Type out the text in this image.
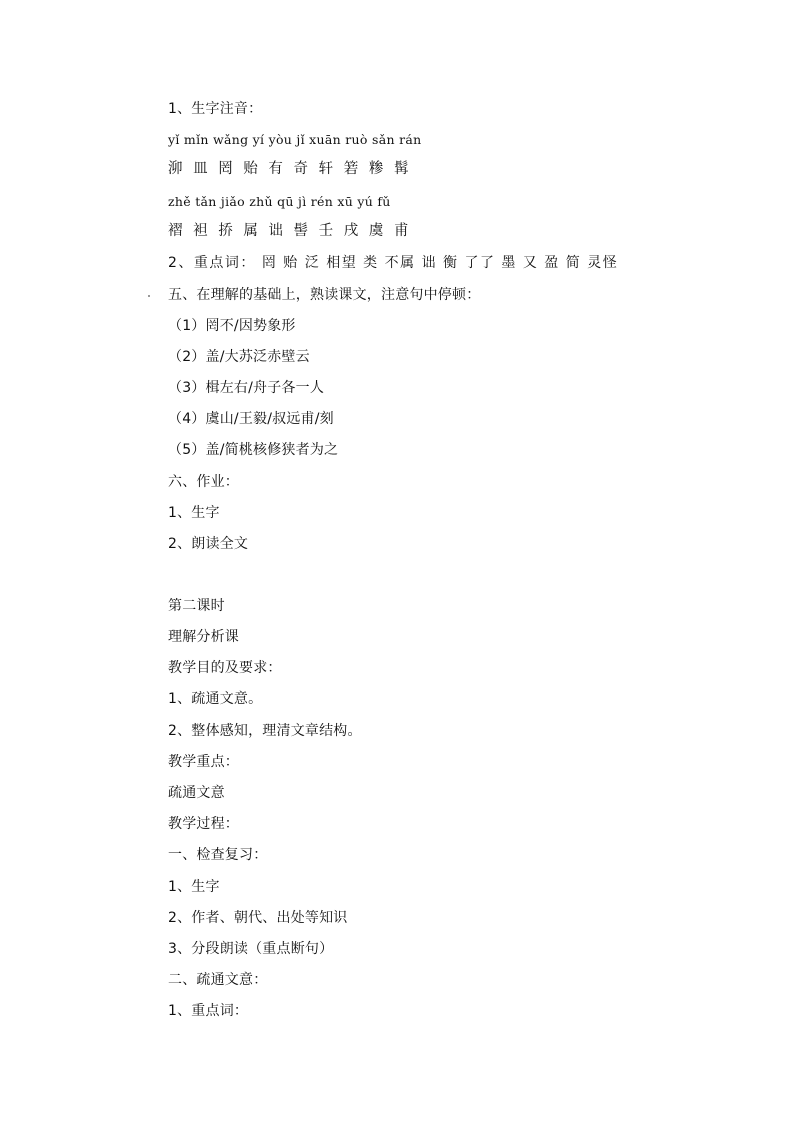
1、生字注音：
yǐ mǐn wǎng yí yòu jǐ xuān ruò sǎn rán
泖 皿 罔 贻 有 奇 轩 箬 糁 髯
zhě tǎn jiǎo zhǔ qū jì rén xū yú fǔ
褶 袒 挢 属 诎 髻 壬 戌 虞 甫
2、重点词： 罔 贻 泛 相望 类 不属 诎 衡 了了 墨 又 盈 简 灵怪
五、在理解的基础上，熟读课文，注意句中停顿：
（1）罔不/因势象形
（2）盖/大苏泛赤壁云
（3）楫左右/舟子各一人
（4）虞山/王毅/叔远甫/刻
（5）盖/简桃核修狭者为之
六、作业：
1、生字
2、朗读全文
第二课时
理解分析课
教学目的及要求：
1、疏通文意。
2、整体感知，理清文章结构。
教学重点：
疏通文意
教学过程：
一、检查复习：
1、生字
2、作者、朝代、出处等知识
3、分段朗读（重点断句）
二、疏通文意：
1、重点词：
